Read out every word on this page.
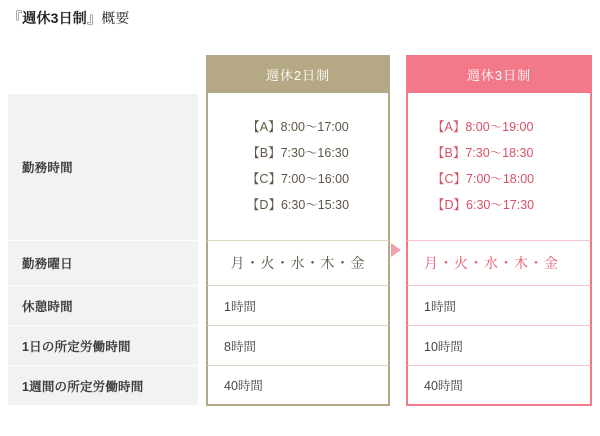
『週休3日制』概要
		週休2日制		週休3日制
勤務時間		【A】8:00〜17:00
【B】7:30〜16:30
【C】7:00〜16:00
【D】6:30〜15:30		【A】8:00〜19:00
【B】7:30〜18:30
【C】7:00〜18:00
【D】6:30〜17:30

勤務曜日		月・火・水・木・金		月・火・水・木・金

休憩時間		1時間		1時間
1日の所定労働時間		8時間		10時間
1週間の所定労働時間		40時間		40時間
